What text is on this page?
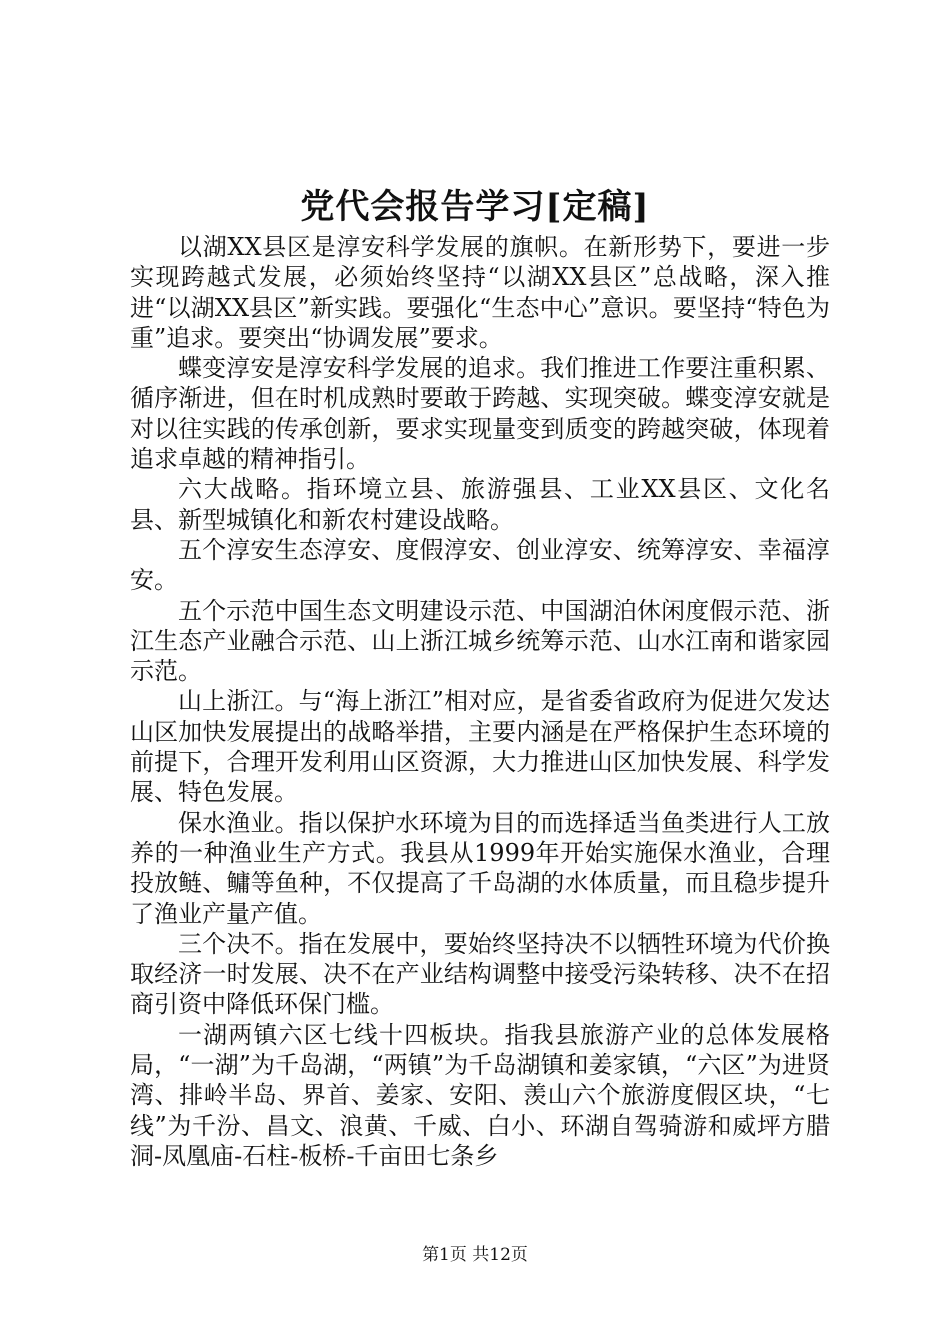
党代会报告学习[定稿]

以湖XX县区是淳安科学发展的旗帜。在新形势下，要进一步实现跨越式发展，必须始终坚持“以湖XX县区”总战略，深入推进“以湖XX县区”新实践。要强化“生态中心”意识。要坚持“特色为重”追求。要突出“协调发展”要求。

蝶变淳安是淳安科学发展的追求。我们推进工作要注重积累、循序渐进，但在时机成熟时要敢于跨越、实现突破。蝶变淳安就是对以往实践的传承创新，要求实现量变到质变的跨越突破，体现着追求卓越的精神指引。

六大战略。指环境立县、旅游强县、工业XX县区、文化名县、新型城镇化和新农村建设战略。

五个淳安生态淳安、度假淳安、创业淳安、统筹淳安、幸福淳安。

五个示范中国生态文明建设示范、中国湖泊休闲度假示范、浙江生态产业融合示范、山上浙江城乡统筹示范、山水江南和谐家园示范。

山上浙江。与“海上浙江”相对应，是省委省政府为促进欠发达山区加快发展提出的战略举措，主要内涵是在严格保护生态环境的前提下，合理开发利用山区资源，大力推进山区加快发展、科学发展、特色发展。

保水渔业。指以保护水环境为目的而选择适当鱼类进行人工放养的一种渔业生产方式。我县从1999年开始实施保水渔业，合理投放鲢、鳙等鱼种，不仅提高了千岛湖的水体质量，而且稳步提升了渔业产量产值。

三个决不。指在发展中，要始终坚持决不以牺牲环境为代价换取经济一时发展、决不在产业结构调整中接受污染转移、决不在招商引资中降低环保门槛。

一湖两镇六区七线十四板块。指我县旅游产业的总体发展格局，“一湖”为千岛湖，“两镇”为千岛湖镇和姜家镇，“六区”为进贤湾、排岭半岛、界首、姜家、安阳、羡山六个旅游度假区块，“七线”为千汾、昌文、浪黄、千威、白小、环湖自驾骑游和威坪方腊洞-凤凰庙-石柱-板桥-千亩田七条乡

第1页 共12页
